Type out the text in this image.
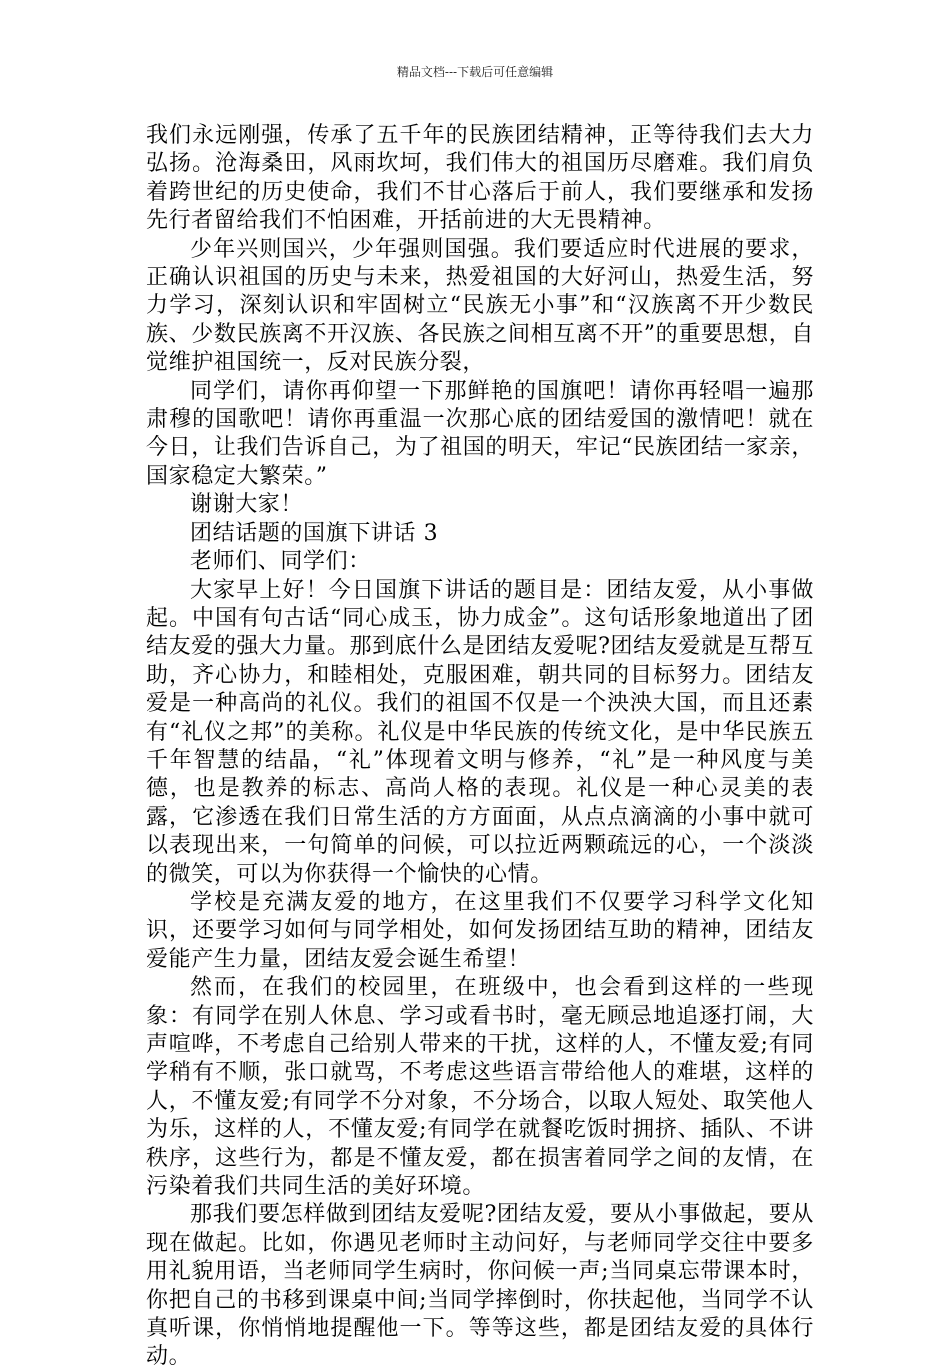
精品文档---下载后可任意编辑

我们永远刚强，传承了五千年的民族团结精神，正等待我们去大力弘扬。沧海桑田，风雨坎坷，我们伟大的祖国历尽磨难。我们肩负着跨世纪的历史使命，我们不甘心落后于前人，我们要继承和发扬先行者留给我们不怕困难，开括前进的大无畏精神。

少年兴则国兴，少年强则国强。我们要适应时代进展的要求，正确认识祖国的历史与未来，热爱祖国的大好河山，热爱生活，努力学习，深刻认识和牢固树立“民族无小事”和“汉族离不开少数民族、少数民族离不开汉族、各民族之间相互离不开”的重要思想，自觉维护祖国统一，反对民族分裂，

同学们，请你再仰望一下那鲜艳的国旗吧！请你再轻唱一遍那肃穆的国歌吧！请你再重温一次那心底的团结爱国的激情吧！就在今日，让我们告诉自己，为了祖国的明天，牢记“民族团结一家亲，国家稳定大繁荣。”

谢谢大家！

团结话题的国旗下讲话 3

老师们、同学们：

大家早上好！今日国旗下讲话的题目是：团结友爱，从小事做起。中国有句古话“同心成玉，协力成金”。这句话形象地道出了团结友爱的强大力量。那到底什么是团结友爱呢?团结友爱就是互帮互助，齐心协力，和睦相处，克服困难，朝共同的目标努力。团结友爱是一种高尚的礼仪。我们的祖国不仅是一个泱泱大国，而且还素有“礼仪之邦”的美称。礼仪是中华民族的传统文化，是中华民族五千年智慧的结晶，“礼”体现着文明与修养，“礼”是一种风度与美德，也是教养的标志、高尚人格的表现。礼仪是一种心灵美的表露，它渗透在我们日常生活的方方面面，从点点滴滴的小事中就可以表现出来，一句简单的问候，可以拉近两颗疏远的心，一个淡淡的微笑，可以为你获得一个愉快的心情。

学校是充满友爱的地方，在这里我们不仅要学习科学文化知识，还要学习如何与同学相处，如何发扬团结互助的精神，团结友爱能产生力量，团结友爱会诞生希望！

然而，在我们的校园里，在班级中，也会看到这样的一些现象：有同学在别人休息、学习或看书时，毫无顾忌地追逐打闹，大声喧哗，不考虑自己给别人带来的干扰，这样的人，不懂友爱;有同学稍有不顺，张口就骂，不考虑这些语言带给他人的难堪，这样的人，不懂友爱;有同学不分对象，不分场合，以取人短处、取笑他人为乐，这样的人，不懂友爱;有同学在就餐吃饭时拥挤、插队、不讲秩序，这些行为，都是不懂友爱，都在损害着同学之间的友情，在污染着我们共同生活的美好环境。

那我们要怎样做到团结友爱呢?团结友爱，要从小事做起，要从现在做起。比如，你遇见老师时主动问好，与老师同学交往中要多用礼貌用语，当老师同学生病时，你问候一声;当同桌忘带课本时，你把自己的书移到课桌中间;当同学摔倒时，你扶起他，当同学不认真听课，你悄悄地提醒他一下。等等这些，都是团结友爱的具体行动。
